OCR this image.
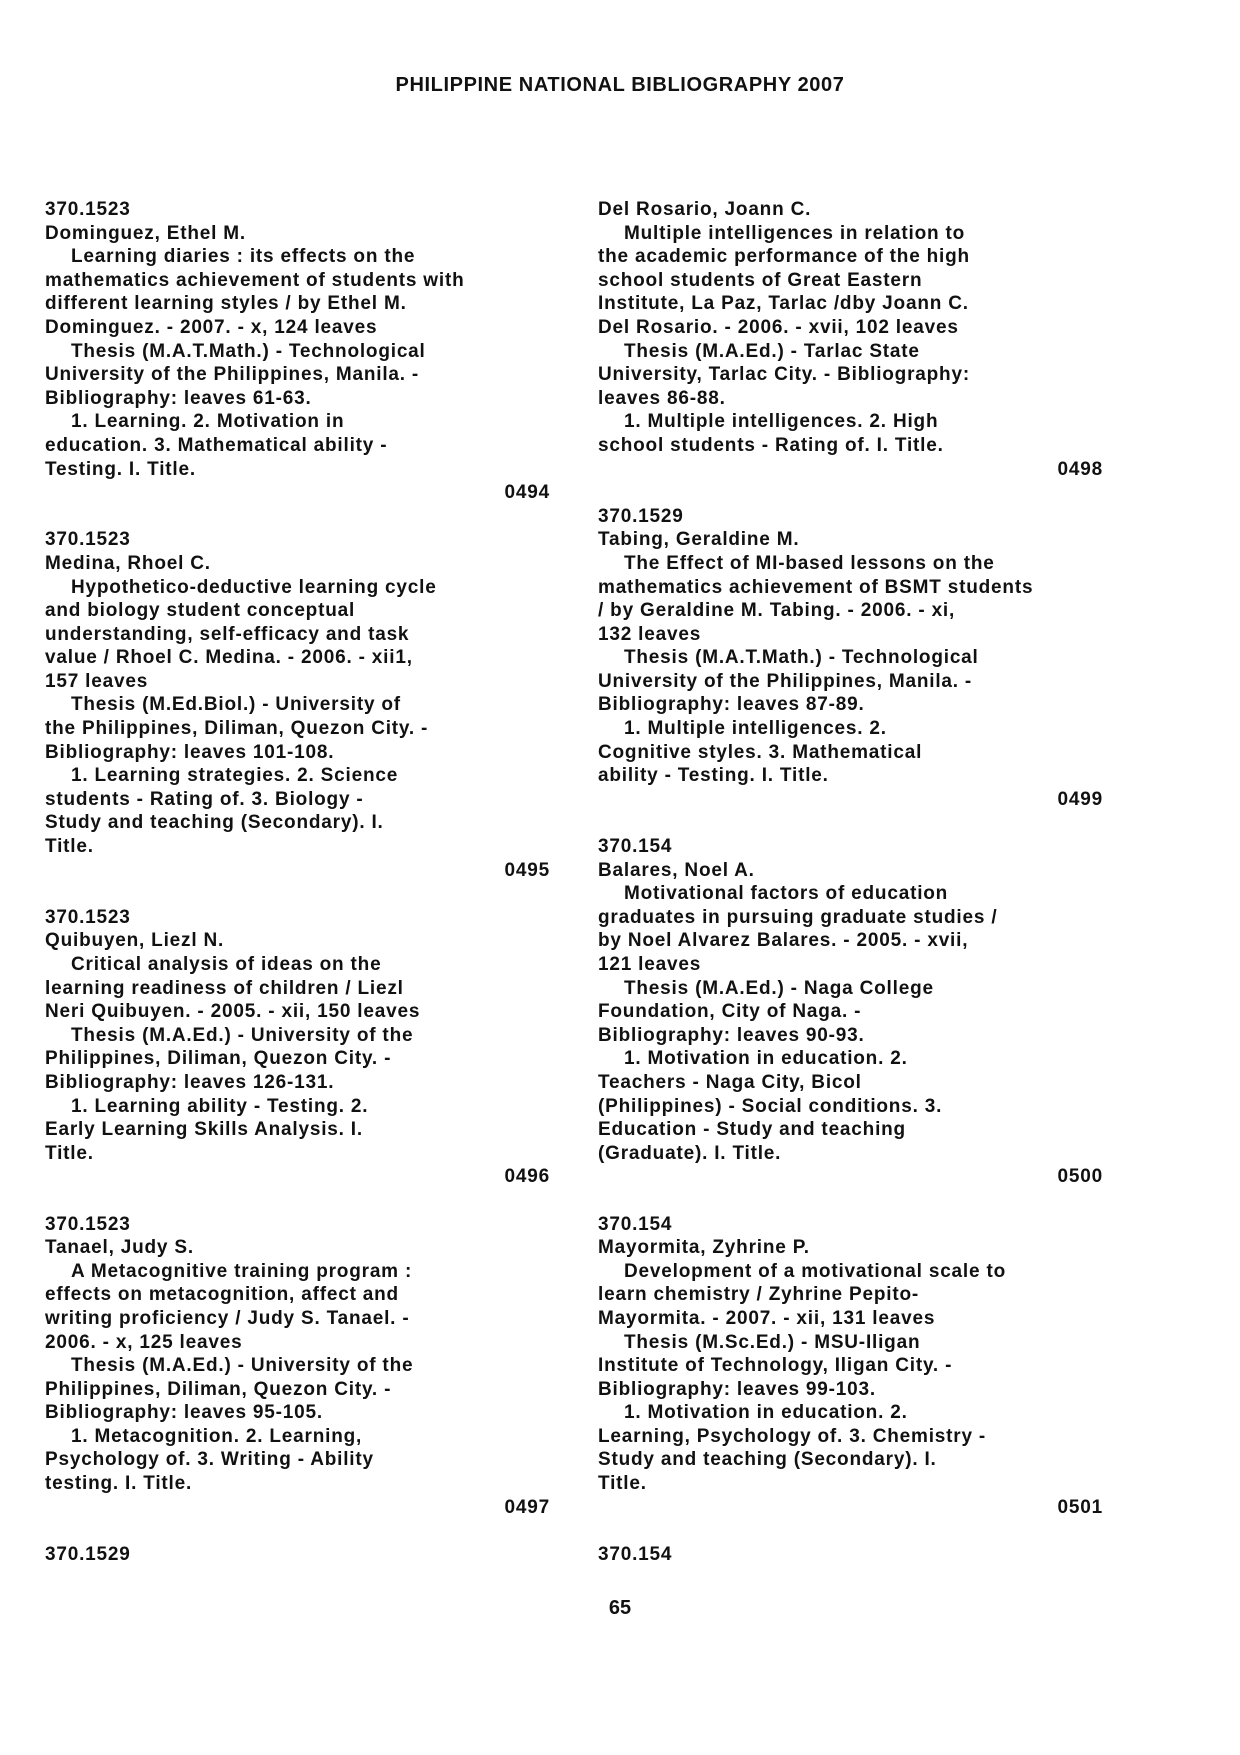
PHILIPPINE NATIONAL BIBLIOGRAPHY 2007
370.1523
Dominguez, Ethel M.
Learning diaries : its effects on the
mathematics achievement of students with
different learning styles / by Ethel M.
Dominguez. - 2007. - x, 124 leaves
Thesis (M.A.T.Math.) - Technological
University of the Philippines, Manila. -
Bibliography: leaves 61-63.
1. Learning. 2. Motivation in
education. 3. Mathematical ability -
Testing. I. Title.
0494
370.1523
Medina, Rhoel C.
Hypothetico-deductive learning cycle
and biology student conceptual
understanding, self-efficacy and task
value / Rhoel C. Medina. - 2006. - xii1,
157 leaves
Thesis (M.Ed.Biol.) - University of
the Philippines, Diliman, Quezon City. -
Bibliography: leaves 101-108.
1. Learning strategies. 2. Science
students - Rating of. 3. Biology -
Study and teaching (Secondary). I.
Title.
0495
370.1523
Quibuyen, Liezl N.
Critical analysis of ideas on the
learning readiness of children / Liezl
Neri Quibuyen. - 2005. - xii, 150 leaves
Thesis (M.A.Ed.) - University of the
Philippines, Diliman, Quezon City. -
Bibliography: leaves 126-131.
1. Learning ability - Testing. 2.
Early Learning Skills Analysis. I.
Title.
0496
370.1523
Tanael, Judy S.
A Metacognitive training program :
effects on metacognition, affect and
writing proficiency / Judy S. Tanael. -
2006. - x, 125 leaves
Thesis (M.A.Ed.) - University of the
Philippines, Diliman, Quezon City. -
Bibliography: leaves 95-105.
1. Metacognition. 2. Learning,
Psychology of. 3. Writing - Ability
testing. I. Title.
0497
370.1529
Del Rosario, Joann C.
Multiple intelligences in relation to
the academic performance of the high
school students of Great Eastern
Institute, La Paz, Tarlac /dby Joann C.
Del Rosario. - 2006. - xvii, 102 leaves
Thesis (M.A.Ed.) - Tarlac State
University, Tarlac City. - Bibliography:
leaves 86-88.
1. Multiple intelligences. 2. High
school students - Rating of. I. Title.
0498
370.1529
Tabing, Geraldine M.
The Effect of MI-based lessons on the
mathematics achievement of BSMT students
/ by Geraldine M. Tabing. - 2006. - xi,
132 leaves
Thesis (M.A.T.Math.) - Technological
University of the Philippines, Manila. -
Bibliography: leaves 87-89.
1. Multiple intelligences. 2.
Cognitive styles. 3. Mathematical
ability - Testing. I. Title.
0499
370.154
Balares, Noel A.
Motivational factors of education
graduates in pursuing graduate studies /
by Noel Alvarez Balares. - 2005. - xvii,
121 leaves
Thesis (M.A.Ed.) - Naga College
Foundation, City of Naga. -
Bibliography: leaves 90-93.
1. Motivation in education. 2.
Teachers - Naga City, Bicol
(Philippines) - Social conditions. 3.
Education - Study and teaching
(Graduate). I. Title.
0500
370.154
Mayormita, Zyhrine P.
Development of a motivational scale to
learn chemistry / Zyhrine Pepito-
Mayormita. - 2007. - xii, 131 leaves
Thesis (M.Sc.Ed.) - MSU-Iligan
Institute of Technology, Iligan City. -
Bibliography: leaves 99-103.
1. Motivation in education. 2.
Learning, Psychology of. 3. Chemistry -
Study and teaching (Secondary). I.
Title.
0501
370.154
65
